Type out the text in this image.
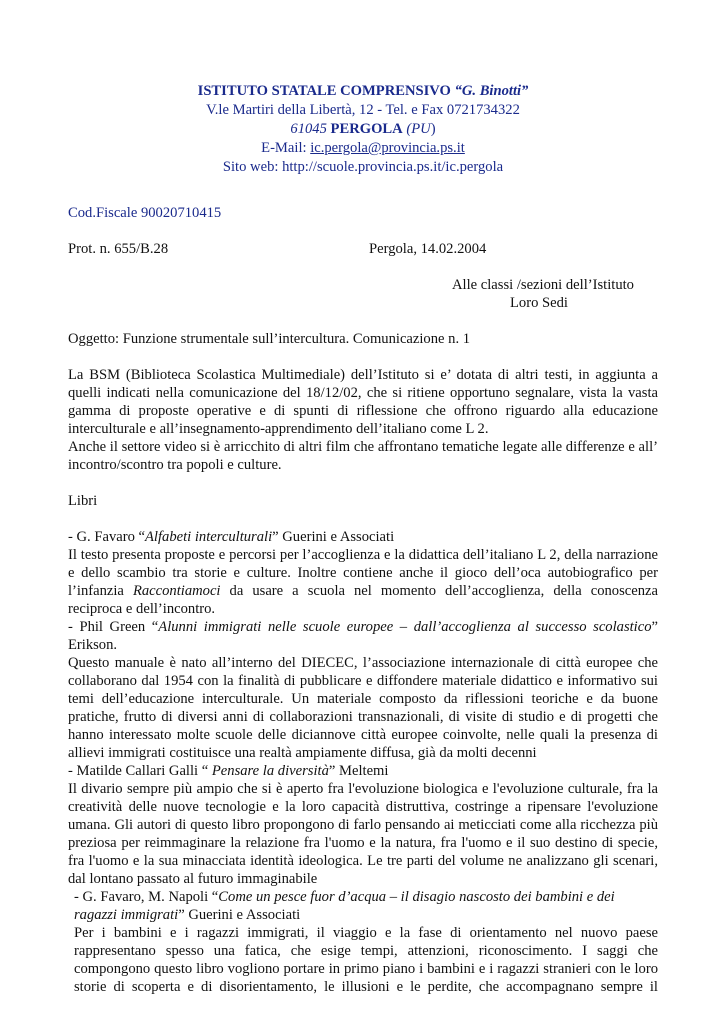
ISTITUTO STATALE COMPRENSIVO “G. Binotti”
V.le Martiri della Libertà, 12 - Tel. e Fax 0721734322
61045 PERGOLA (PU)
E-Mail: ic.pergola@provincia.ps.it
Sito web: http://scuole.provincia.ps.it/ic.pergola
Cod.Fiscale 90020710415
Prot. n. 655/B.28	Pergola, 14.02.2004
Alle classi /sezioni dell’Istituto
Loro Sedi
Oggetto: Funzione strumentale sull’intercultura. Comunicazione n. 1
La BSM (Biblioteca Scolastica Multimediale) dell’Istituto si e’ dotata di altri testi, in aggiunta a quelli indicati nella comunicazione del 18/12/02, che si ritiene opportuno segnalare, vista la vasta gamma di proposte operative e di spunti di riflessione che offrono riguardo alla educazione interculturale e all’insegnamento-apprendimento dell’italiano come L 2.
Anche il settore video si è arricchito di altri film che affrontano tematiche legate alle differenze e all’ incontro/scontro tra popoli e culture.
Libri
- G. Favaro “Alfabeti interculturali” Guerini e Associati
Il testo presenta proposte e percorsi per l’accoglienza e la didattica dell’italiano L 2, della narrazione e dello scambio tra storie e culture. Inoltre contiene anche il gioco dell’oca autobiografico per l’infanzia Raccontiamoci da usare a scuola nel momento dell’accoglienza, della conoscenza reciproca e dell’incontro.
- Phil Green “Alunni immigrati nelle scuole europee – dall’accoglienza al successo scolastico” Erikson.
Questo manuale è nato all’interno del DIECEC, l’associazione internazionale di città europee che collaborano dal 1954 con la finalità di pubblicare e diffondere materiale didattico e informativo sui temi dell’educazione interculturale. Un materiale composto da riflessioni teoriche e da buone pratiche, frutto di diversi anni di collaborazioni transnazionali, di visite di studio e di progetti che hanno interessato molte scuole delle diciannove città europee coinvolte, nelle quali la presenza di allievi immigrati costituisce una realtà ampiamente diffusa, già da molti decenni
- Matilde Callari Galli “ Pensare la diversità” Meltemi
Il divario sempre più ampio che si è aperto fra l'evoluzione biologica e l'evoluzione culturale, fra la creatività delle nuove tecnologie e la loro capacità distruttiva, costringe a ripensare l'evoluzione umana. Gli autori di questo libro propongono di farlo pensando ai meticciati come alla ricchezza più preziosa per reimmaginare la relazione fra l'uomo e la natura, fra l'uomo e il suo destino di specie, fra l'uomo e la sua minacciata identità ideologica. Le tre parti del volume ne analizzano gli scenari, dal lontano passato al futuro immaginabile
- G. Favaro, M. Napoli “Come un pesce fuor d’acqua – il disagio nascosto dei bambini e dei ragazzi immigrati” Guerini e Associati
Per i bambini e i ragazzi immigrati, il viaggio e la fase di orientamento nel nuovo paese rappresentano spesso una fatica, che esige tempi, attenzioni, riconoscimento. I saggi che compongono questo libro vogliono portare in primo piano i bambini e i ragazzi stranieri con le loro storie di scoperta e di disorientamento, le illusioni e le perdite, che accompagnano sempre il
